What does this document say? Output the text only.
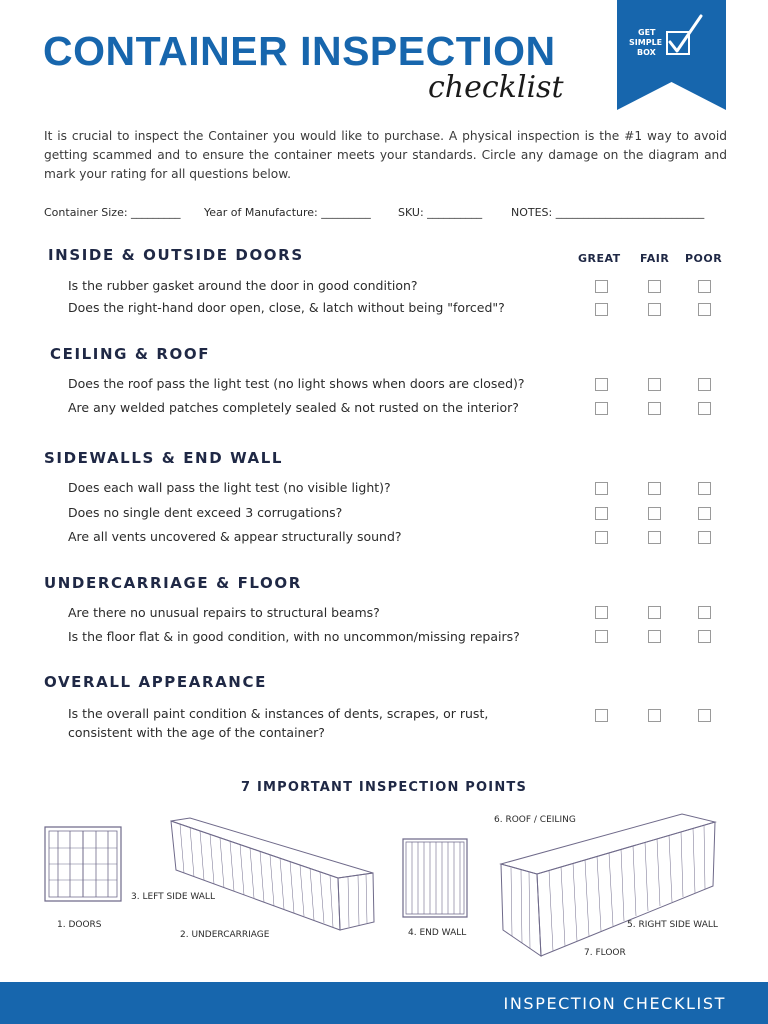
CONTAINER INSPECTION
checklist
GET
SIMPLE
BOX
It is crucial to inspect the Container you would like to purchase. A physical inspection is the #1 way to avoid getting scammed and to ensure the container meets your standards. Circle any damage on the diagram and mark your rating for all questions below.
Container Size: _________ Year of Manufacture: _________ SKU: __________	NOTES: ___________________________
GREAT FAIR POOR
INSIDE & OUTSIDE DOORS
Is the rubber gasket around the door in good condition?
Does the right-hand door open, close, & latch without being "forced"?
CEILING & ROOF
Does the roof pass the light test (no light shows when doors are closed)?
Are any welded patches completely sealed & not rusted on the interior?
SIDEWALLS & END WALL
Does each wall pass the light test (no visible light)?
Does no single dent exceed 3 corrugations?
Are all vents uncovered & appear structurally sound?
UNDERCARRIAGE & FLOOR
Are there no unusual repairs to structural beams?
Is the floor flat & in good condition, with no uncommon/missing repairs?
OVERALL APPEARANCE
Is the overall paint condition & instances of dents, scrapes, or rust,
consistent with the age of the container?
7 IMPORTANT INSPECTION POINTS
1. DOORS
3. LEFT SIDE WALL
2. UNDERCARRIAGE	4. END WALL
6. ROOF / CEILING
5. RIGHT SIDE WALL
7. FLOOR
INSPECTION CHECKLIST
